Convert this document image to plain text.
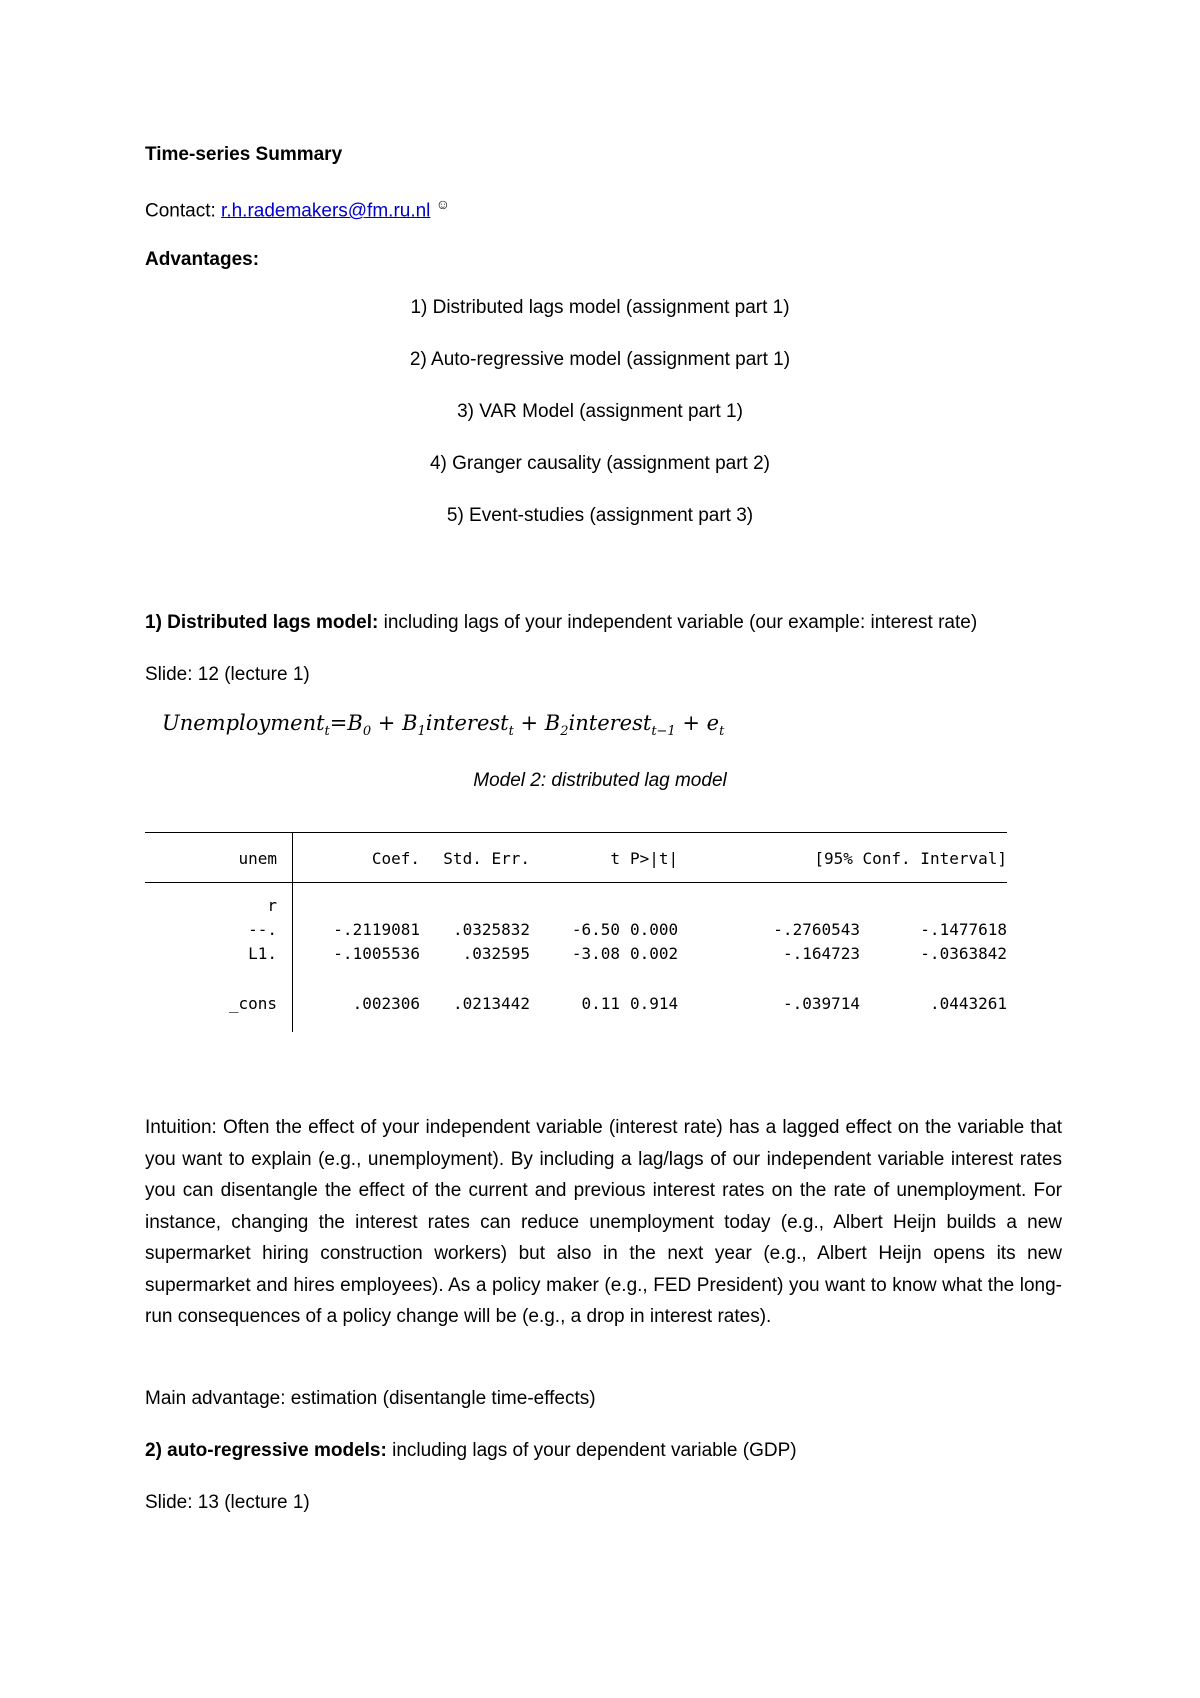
Time-series Summary
Contact: r.h.rademakers@fm.ru.nl ☺
Advantages:
1) Distributed lags model (assignment part 1)
2) Auto-regressive model (assignment part 1)
3) VAR Model (assignment part 1)
4) Granger causality (assignment part 2)
5) Event-studies (assignment part 3)
1) Distributed lags model: including lags of your independent variable (our example: interest rate)
Slide: 12 (lecture 1)
$Unemployment_t=B_0$ + $B_1interest_t$ + $B_2interest_{t-1} + e_t$
Model 2: distributed lag model
unem	Coef.	Std. Err.	t P>|t|	[95% Conf. Interval]
r
--.	-.2119081	.0325832	-6.50 0.000	-.2760543	-.1477618
L1.	-.1005536	.032595	-3.08 0.002	-.164723	-.0363842
_cons	.002306	.0213442	0.11 0.914	-.039714	.0443261
Intuition: Often the effect of your independent variable (interest rate) has a lagged effect on the variable that you want to explain (e.g., unemployment). By including a lag/lags of our independent variable interest rates you can disentangle the effect of the current and previous interest rates on the rate of unemployment. For instance, changing the interest rates can reduce unemployment today (e.g., Albert Heijn builds a new supermarket hiring construction workers) but also in the next year (e.g., Albert Heijn opens its new supermarket and hires employees). As a policy maker (e.g., FED President) you want to know what the long-run consequences of a policy change will be (e.g., a drop in interest rates).
Main advantage: estimation (disentangle time-effects)
2) auto-regressive models: including lags of your dependent variable (GDP)
Slide: 13 (lecture 1)
